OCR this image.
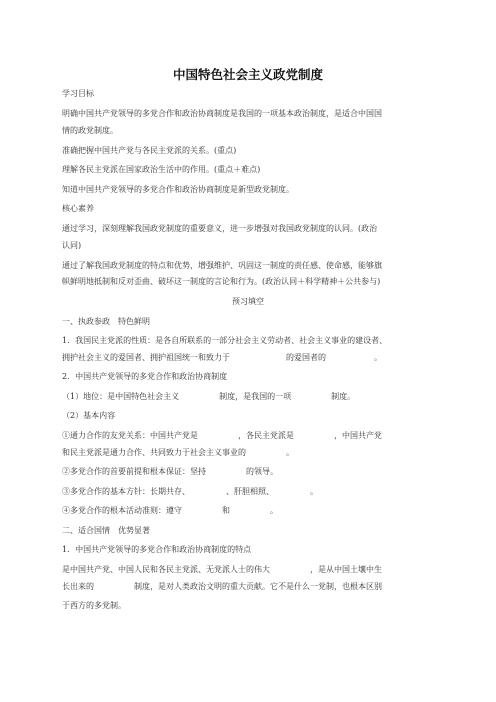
中国特色社会主义政党制度
学习目标
明确中国共产党领导的多党合作和政治协商制度是我国的一项基本政治制度，是适合中国国
情的政党制度。
准确把握中国共产党与各民主党派的关系。(重点)
理解各民主党派在国家政治生活中的作用。(重点＋难点)
知道中国共产党领导的多党合作和政治协商制度是新型政党制度。
核心素养
通过学习，深刻理解我国政党制度的重要意义，进一步增强对我国政党制度的认同。(政治
认同)
通过了解我国政党制度的特点和优势，增强维护、巩固这一制度的责任感、使命感，能够旗
帜鲜明地抵制和反对歪曲、破坏这一制度的言论和行为。(政治认同＋科学精神＋公共参与)
预习填空
一、执政参政　特色鲜明
1．我国民主党派的性质：是各自所联系的一部分社会主义劳动者、社会主义事业的建设者、
拥护社会主义的爱国者、拥护祖国统一和致力于　　　　　　　的爱国者的　　　　　　。
2．中国共产党领导的多党合作和政治协商制度
（1）地位：是中国特色社会主义　　　　　制度，是我国的一项　　　　　制度。
（2）基本内容
①通力合作的友党关系：中国共产党是　　　　　，各民主党派是　　　　　，中国共产党
和民主党派是通力合作、共同致力于社会主义事业的　　　　　。
②多党合作的首要前提和根本保证：坚持　　　　　的领导。
③多党合作的基本方针：长期共存、　　　　　、肝胆相照、　　　　　。
④多党合作的根本活动准则：遵守　　　　　和　　　　　。
二、适合国情　优势显著
1．中国共产党领导的多党合作和政治协商制度的特点
是中国共产党、中国人民和各民主党派、无党派人士的伟大　　　　　，是从中国土壤中生
长出来的　　　　　制度，是对人类政治文明的重大贡献。它不是什么一党制，也根本区别
于西方的多党制。
